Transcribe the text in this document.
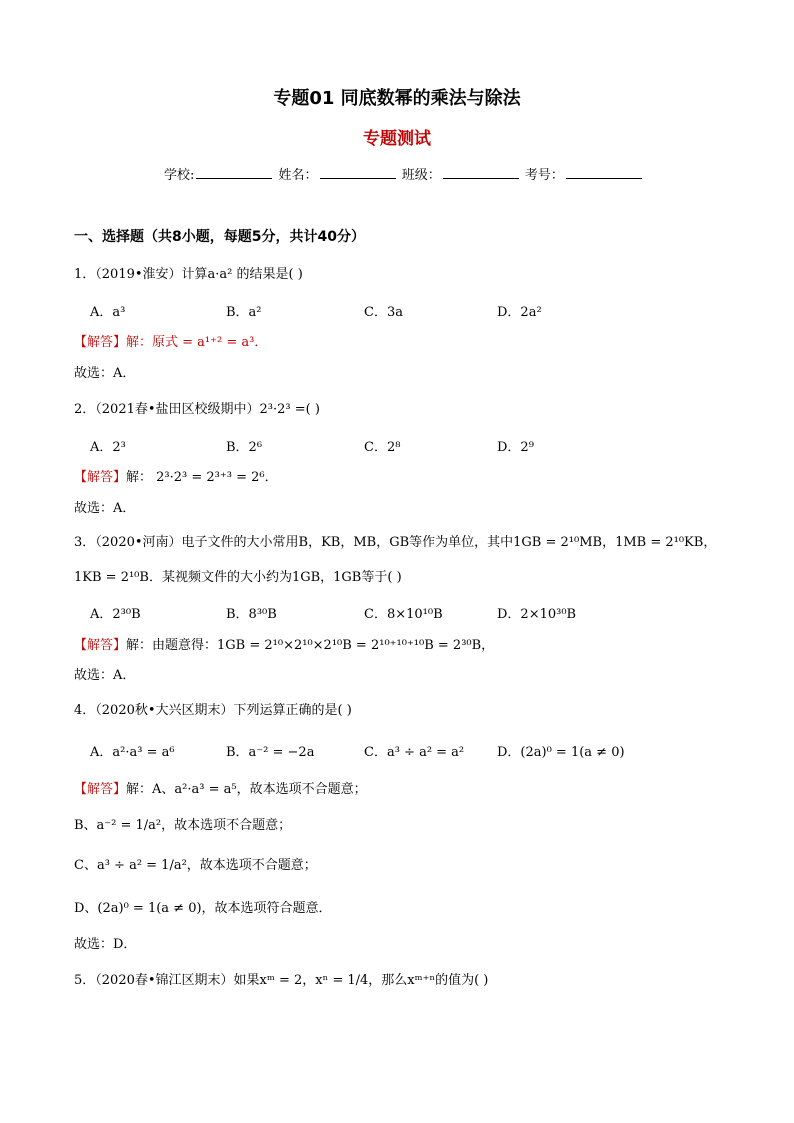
专题01 同底数幂的乘法与除法
专题测试
学校:	姓名：	班级：	考号：
一、选择题（共8小题，每题5分，共计40分）
1．（2019•淮安）计算a·a² 的结果是( )
A．a³	B．a²	C．3a	D．2a²
【解答】解：原式 = a¹⁺² = a³．
故选：A．
2．（2021春•盐田区校级期中）2³·2³ =( )
A．2³	B．2⁶	C．2⁸	D．2⁹
【解答】解： 2³·2³ = 2³⁺³ = 2⁶．
故选：A．
3．（2020•河南）电子文件的大小常用B，KB，MB，GB等作为单位，其中1GB = 2¹⁰MB，1MB = 2¹⁰KB，
1KB = 2¹⁰B．某视频文件的大小约为1GB，1GB等于( )
A．2³⁰B	B．8³⁰B	C．8×10¹⁰B	D．2×10³⁰B
【解答】解：由题意得：1GB = 2¹⁰×2¹⁰×2¹⁰B = 2¹⁰⁺¹⁰⁺¹⁰B = 2³⁰B，
故选：A．
4．（2020秋•大兴区期末）下列运算正确的是( )
A．a²·a³ = a⁶	B．a⁻² = −2a	C．a³ ÷ a² = a²	D．(2a)⁰ = 1(a ≠ 0)
【解答】解：A、a²·a³ = a⁵，故本选项不合题意；
B、a⁻² = 1/a²，故本选项不合题意；
C、a³ ÷ a² = 1/a²，故本选项不合题意；
D、(2a)⁰ = 1(a ≠ 0)，故本选项符合题意．
故选：D．
5．（2020春•锦江区期末）如果xᵐ = 2，xⁿ = 1/4，那么xᵐ⁺ⁿ的值为( )
